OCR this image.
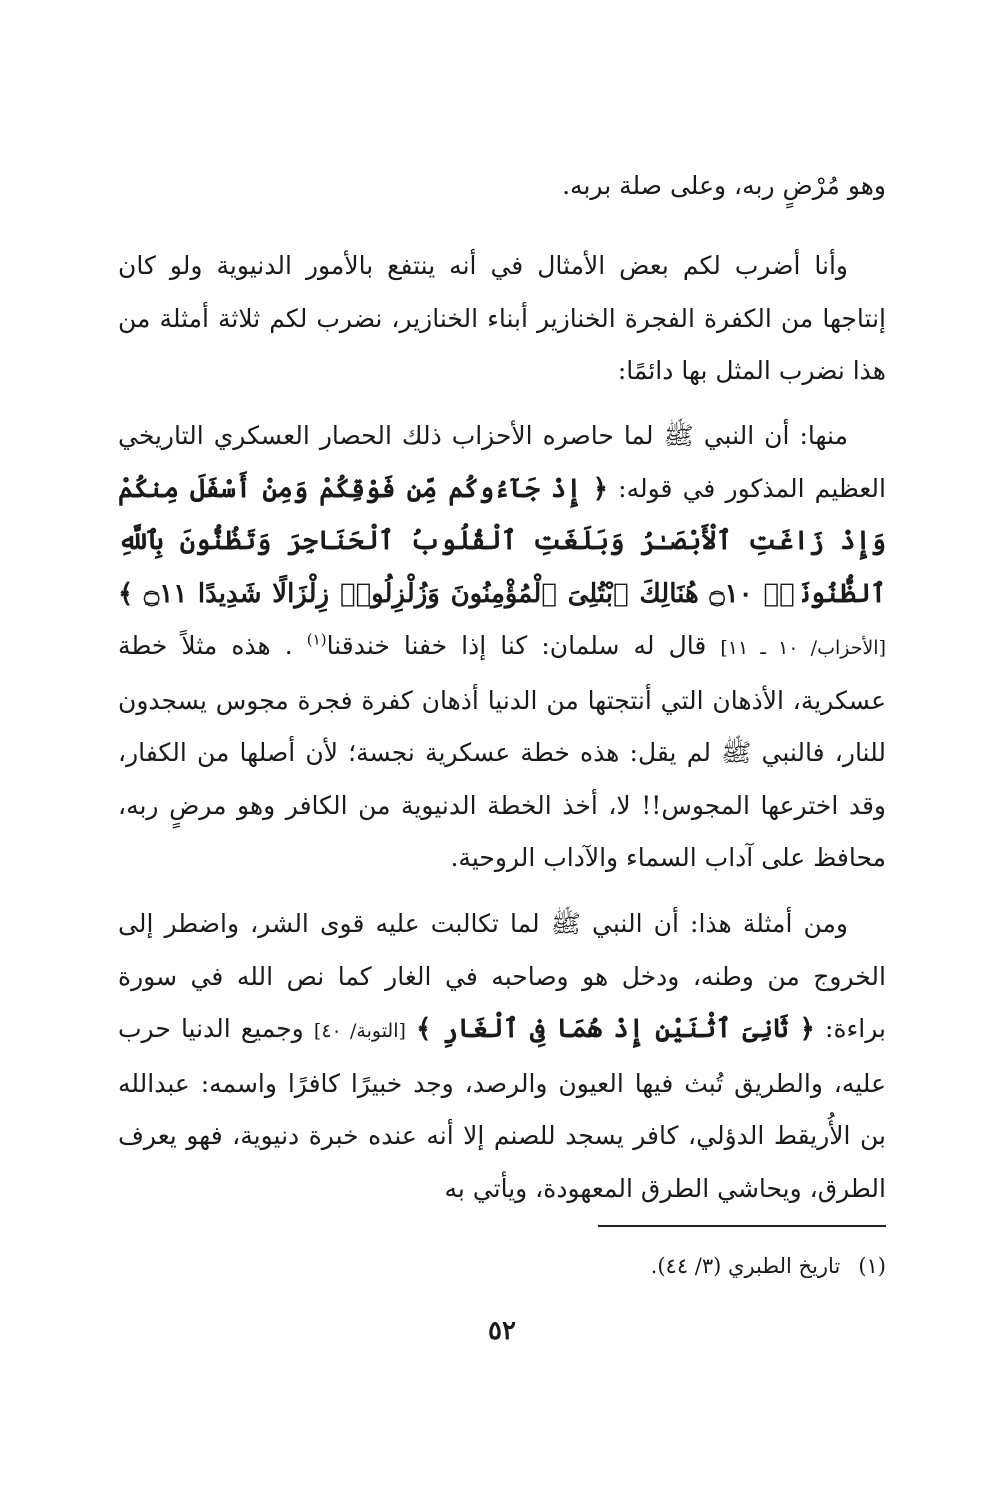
وهو مُرْضٍ ربه، وعلى صلة بربه.

وأنا أضرب لكم بعض الأمثال في أنه ينتفع بالأمور الدنيوية ولو كان إنتاجها من الكفرة الفجرة الخنازير أبناء الخنازير، نضرب لكم ثلاثة أمثلة من هذا نضرب المثل بها دائمًا:

منها: أن النبي ﷺ لما حاصره الأحزاب ذلك الحصار العسكري التاريخي العظيم المذكور في قوله: ﴿ إِذْ جَآءُوكُم مِّن فَوْقِكُمْ وَمِنْ أَسْفَلَ مِنكُمْ وَإِذْ زَاغَتِ ٱلْأَبْصَـٰرُ وَبَلَغَتِ ٱلْقُلُوبُ ٱلْحَنَاجِرَ وَتَظُنُّونَ بِٱللَّهِ ٱلظُّنُونَا۠ ۝١٠ هُنَالِكَ ٱبْتُلِىَ ٱلْمُؤْمِنُونَ وَزُلْزِلُوا۟ زِلْزَالًا شَدِيدًا ۝١١ ﴾ [الأحزاب/ ١٠ ـ ١١] قال له سلمان: كنا إذا خفنا خندقنا$^{(١)}$ . هذه مثلاً خطة عسكرية، الأذهان التي أنتجتها من الدنيا أذهان كفرة فجرة مجوس يسجدون للنار، فالنبي ﷺ لم يقل: هذه خطة عسكرية نجسة؛ لأن أصلها من الكفار، وقد اخترعها المجوس!! لا، أخذ الخطة الدنيوية من الكافر وهو مرضٍ ربه، محافظ على آداب السماء والآداب الروحية.

ومن أمثلة هذا: أن النبي ﷺ لما تكالبت عليه قوى الشر، واضطر إلى الخروج من وطنه، ودخل هو وصاحبه في الغار كما نص الله في سورة براءة: ﴿ ثَانِىَ ٱثْنَيْنِ إِذْ هُمَا فِى ٱلْغَارِ ﴾ [التوبة/ ٤٠] وجميع الدنيا حرب عليه، والطريق تُبث فيها العيون والرصد، وجد خبيرًا كافرًا واسمه: عبدالله بن الأُريقط الدؤلي، كافر يسجد للصنم إلا أنه عنده خبرة دنيوية، فهو يعرف الطرق، ويحاشي الطرق المعهودة، ويأتي به

(١)تاريخ الطبري (٣/ ٤٤).
٥٢
